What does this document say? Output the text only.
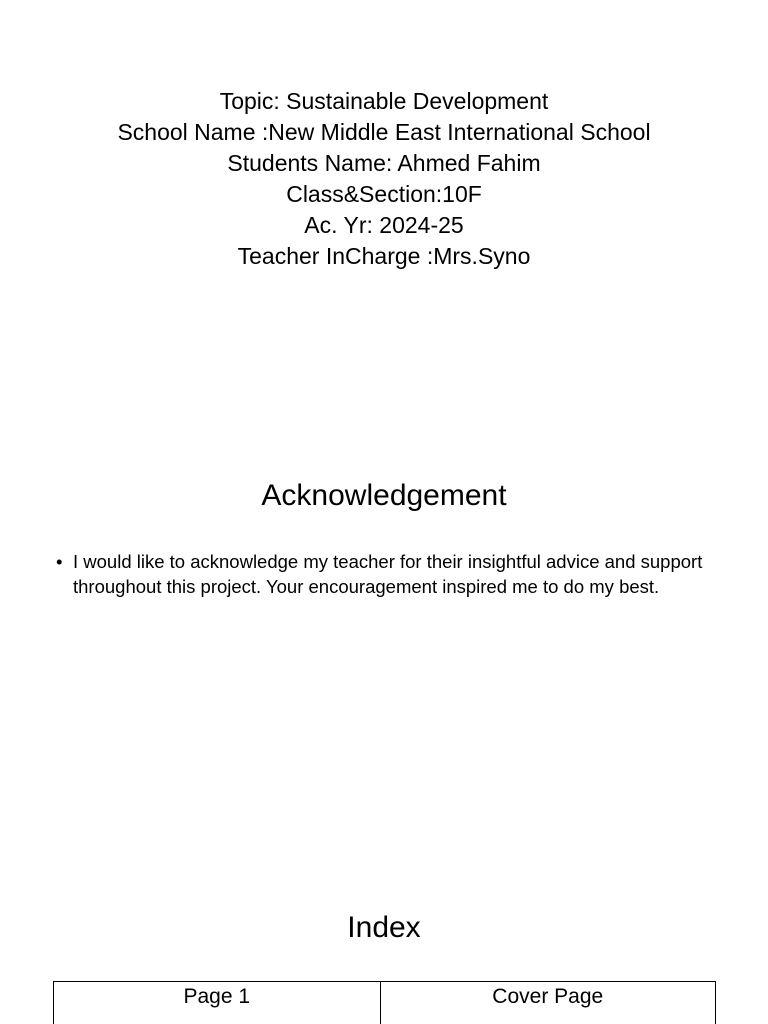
Topic: Sustainable Development
School Name :New Middle East International School
Students Name: Ahmed Fahim
Class&Section:10F
Ac. Yr: 2024-25
Teacher InCharge :Mrs.Syno
Acknowledgement
• I would like to acknowledge my teacher for their insightful advice and support throughout this project. Your encouragement inspired me to do my best.
Index
Page 1	Cover Page
